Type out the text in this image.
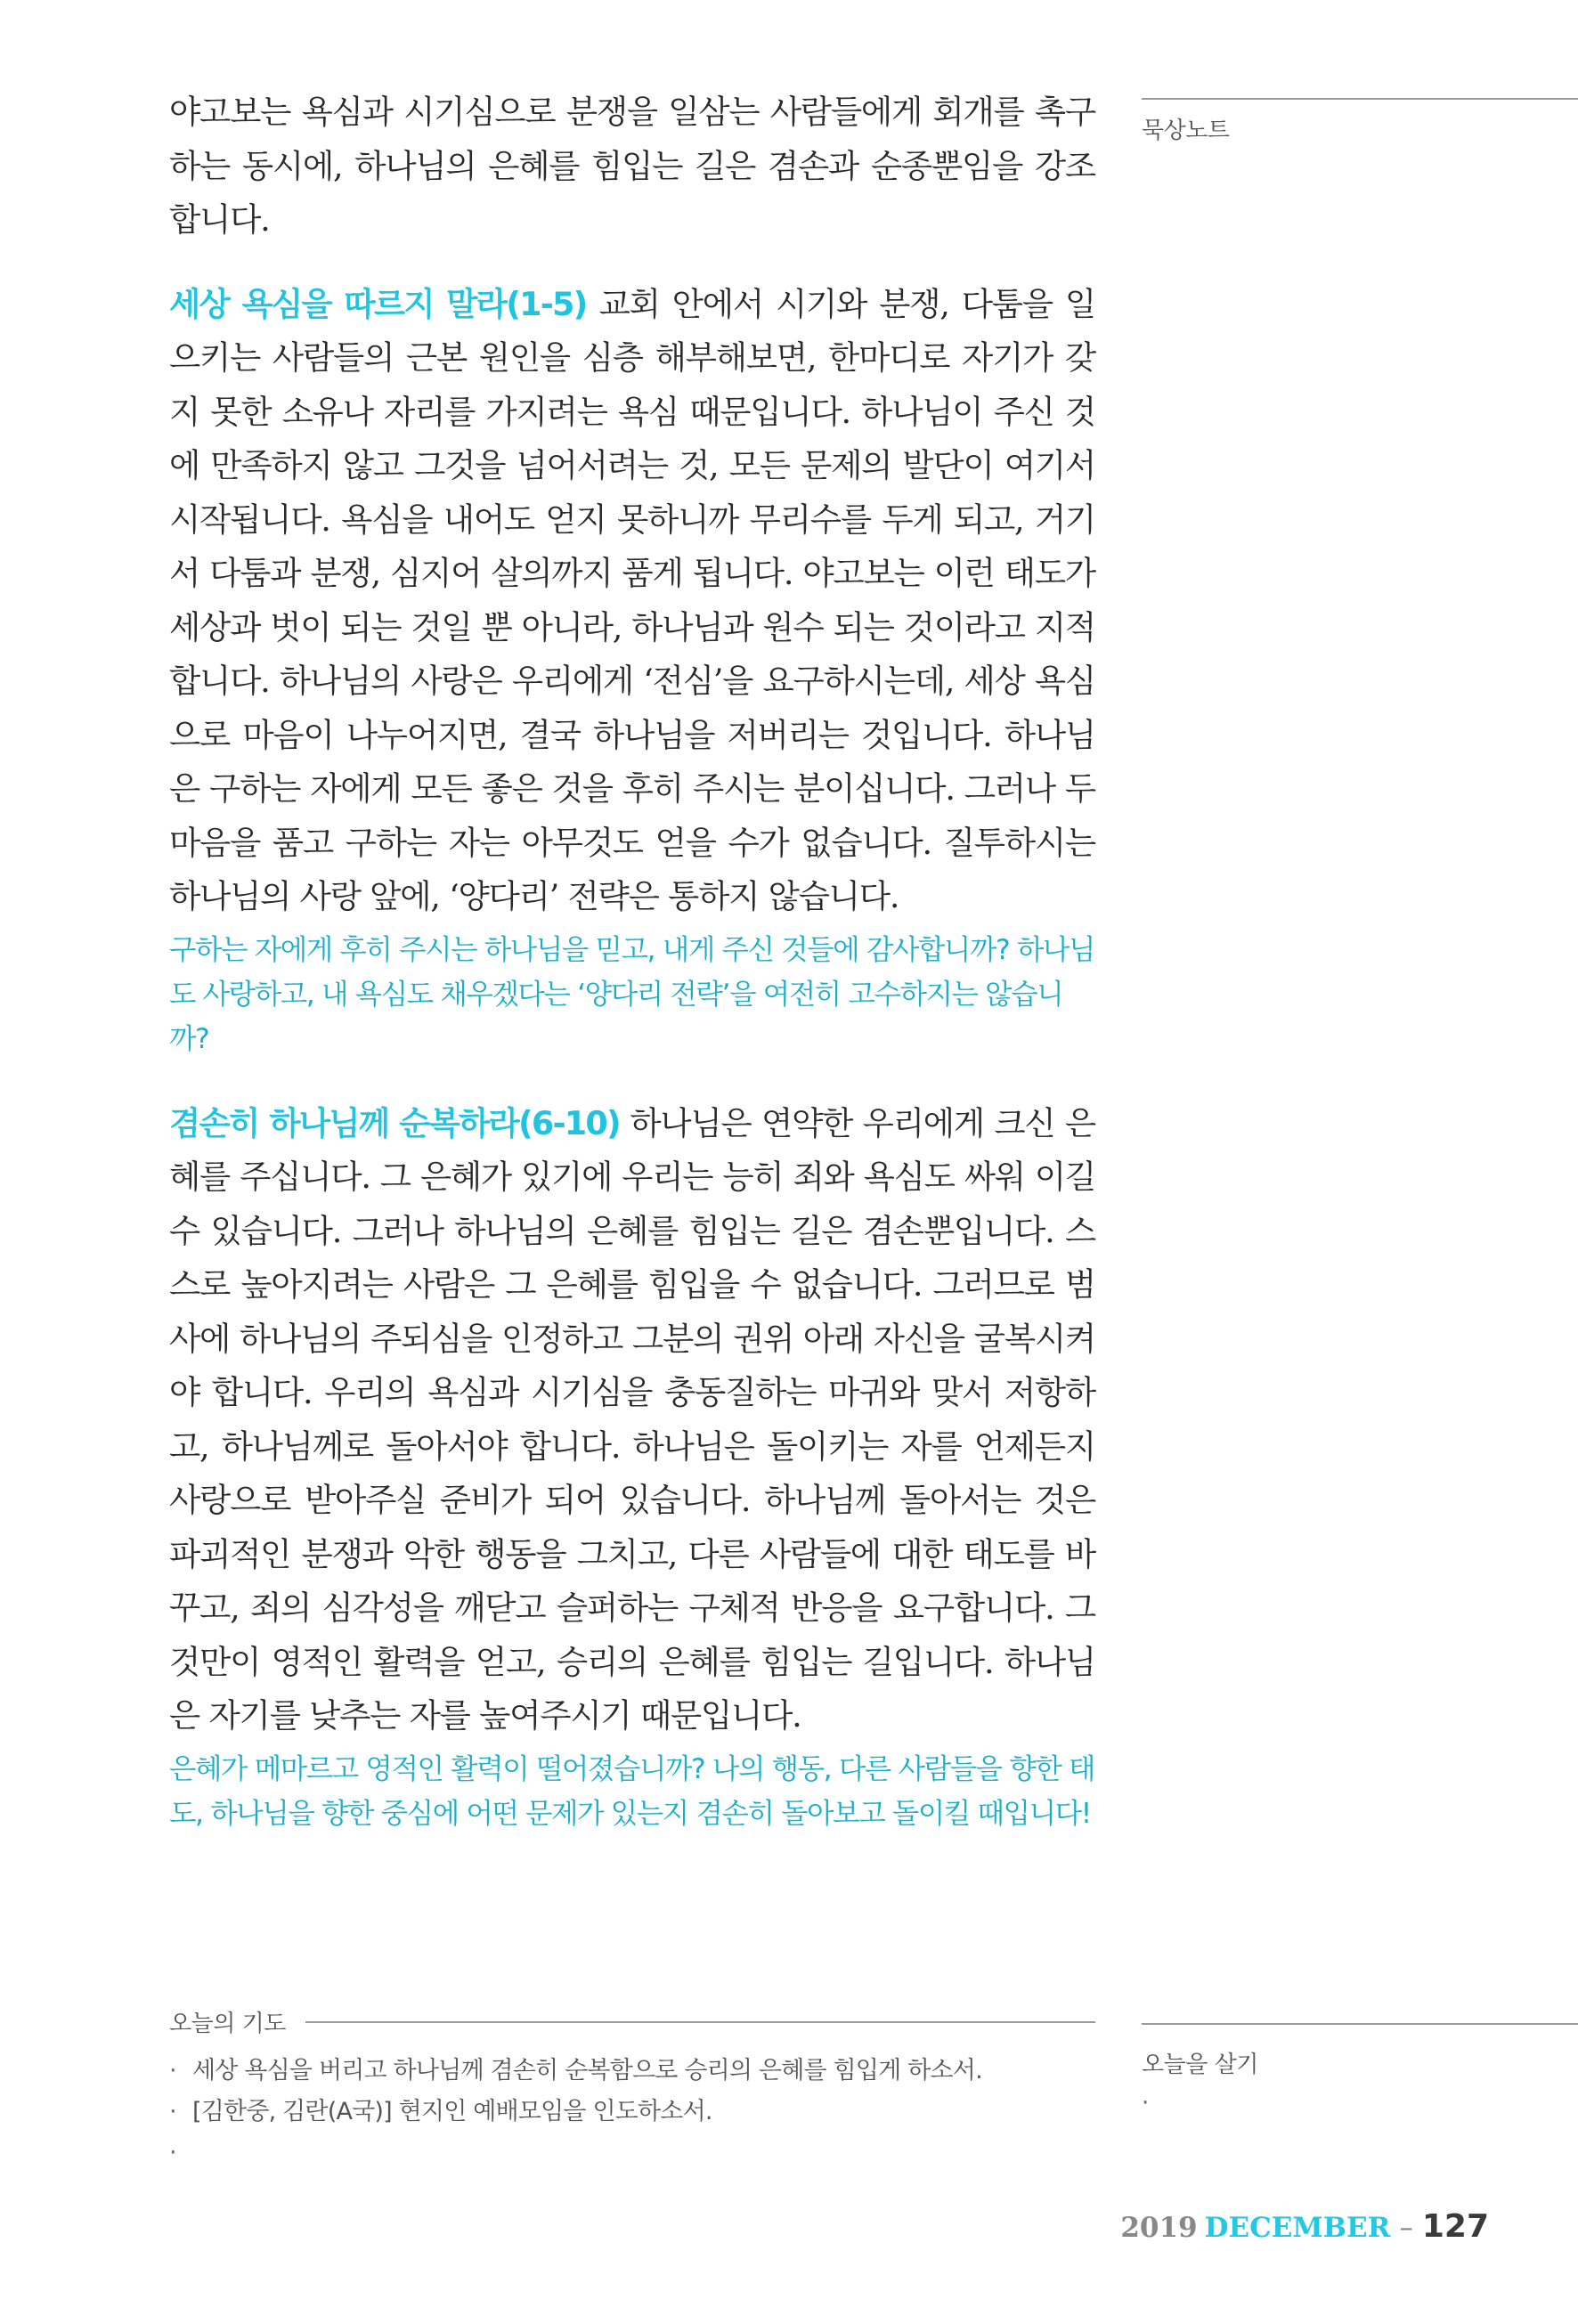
묵상노트

야고보는 욕심과 시기심으로 분쟁을 일삼는 사람들에게 회개를 촉구하는 동시에, 하나님의 은혜를 힘입는 길은 겸손과 순종뿐임을 강조합니다.

세상 욕심을 따르지 말라(1-5) 교회 안에서 시기와 분쟁, 다툼을 일으키는 사람들의 근본 원인을 심층 해부해보면, 한마디로 자기가 갖지 못한 소유나 자리를 가지려는 욕심 때문입니다. 하나님이 주신 것에 만족하지 않고 그것을 넘어서려는 것, 모든 문제의 발단이 여기서 시작됩니다. 욕심을 내어도 얻지 못하니까 무리수를 두게 되고, 거기서 다툼과 분쟁, 심지어 살의까지 품게 됩니다. 야고보는 이런 태도가 세상과 벗이 되는 것일 뿐 아니라, 하나님과 원수 되는 것이라고 지적합니다. 하나님의 사랑은 우리에게 ‘전심’을 요구하시는데, 세상 욕심으로 마음이 나누어지면, 결국 하나님을 저버리는 것입니다. 하나님은 구하는 자에게 모든 좋은 것을 후히 주시는 분이십니다. 그러나 두 마음을 품고 구하는 자는 아무것도 얻을 수가 없습니다. 질투하시는 하나님의 사랑 앞에, ‘양다리’ 전략은 통하지 않습니다.

구하는 자에게 후히 주시는 하나님을 믿고, 내게 주신 것들에 감사합니까? 하나님도 사랑하고, 내 욕심도 채우겠다는 ‘양다리 전략’을 여전히 고수하지는 않습니까?

겸손히 하나님께 순복하라(6-10) 하나님은 연약한 우리에게 크신 은혜를 주십니다. 그 은혜가 있기에 우리는 능히 죄와 욕심도 싸워 이길 수 있습니다. 그러나 하나님의 은혜를 힘입는 길은 겸손뿐입니다. 스스로 높아지려는 사람은 그 은혜를 힘입을 수 없습니다. 그러므로 범사에 하나님의 주되심을 인정하고 그분의 권위 아래 자신을 굴복시켜야 합니다. 우리의 욕심과 시기심을 충동질하는 마귀와 맞서 저항하고, 하나님께로 돌아서야 합니다. 하나님은 돌이키는 자를 언제든지 사랑으로 받아주실 준비가 되어 있습니다. 하나님께 돌아서는 것은 파괴적인 분쟁과 악한 행동을 그치고, 다른 사람들에 대한 태도를 바꾸고, 죄의 심각성을 깨닫고 슬퍼하는 구체적 반응을 요구합니다. 그것만이 영적인 활력을 얻고, 승리의 은혜를 힘입는 길입니다. 하나님은 자기를 낮추는 자를 높여주시기 때문입니다.

은혜가 메마르고 영적인 활력이 떨어졌습니까? 나의 행동, 다른 사람들을 향한 태도, 하나님을 향한 중심에 어떤 문제가 있는지 겸손히 돌아보고 돌이킬 때입니다!

오늘의 기도
· 세상 욕심을 버리고 하나님께 겸손히 순복함으로 승리의 은혜를 힘입게 하소서.
· [김한중, 김란(A국)] 현지인 예배모임을 인도하소서.
·
오늘을 살기
·
2019 DECEMBER – 127
